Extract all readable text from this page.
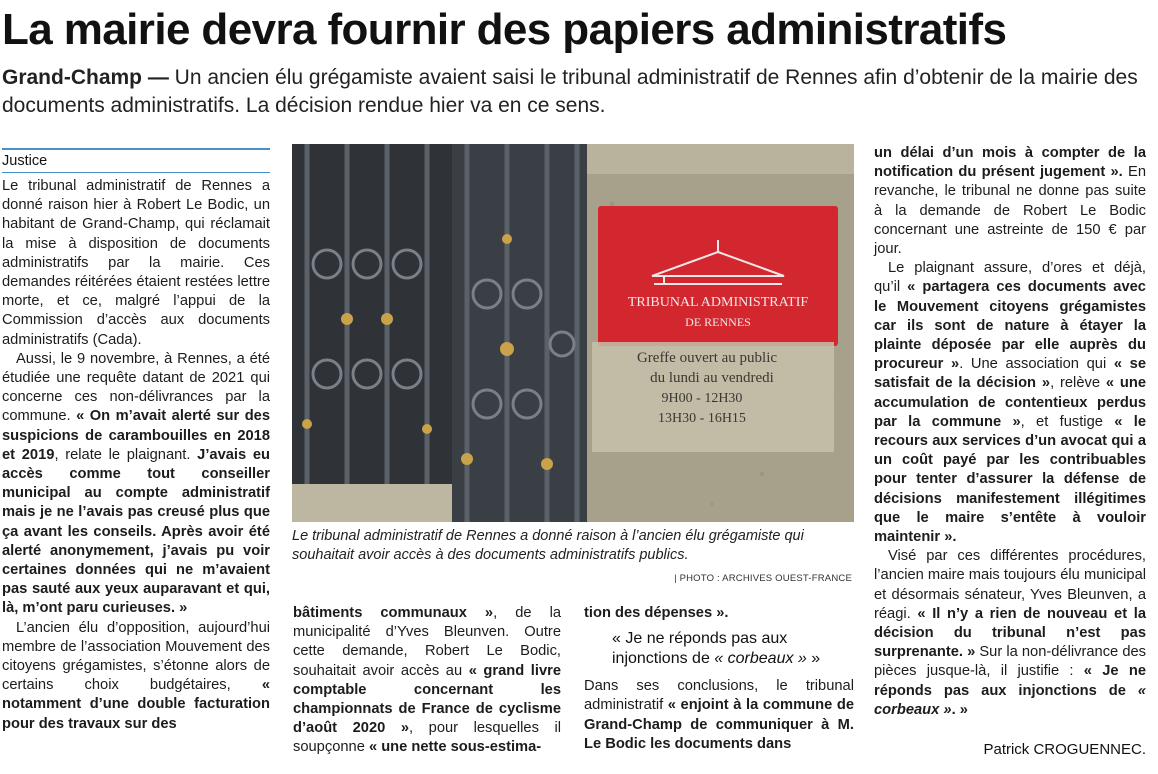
La mairie devra fournir des papiers administratifs

Grand-Champ — Un ancien élu grégamiste avaient saisi le tribunal administratif de Rennes afin d’obtenir de la mairie des documents administratifs. La décision rendue hier va en ce sens.

Justice

Le tribunal administratif de Rennes a donné raison hier à Robert Le Bodic, un habitant de Grand-Champ, qui réclamait la mise à disposition de documents administratifs par la mairie. Ces demandes réitérées étaient restées lettre morte, et ce, malgré l’appui de la Commission d’accès aux documents administratifs (Cada).

Aussi, le 9 novembre, à Rennes, a été étudiée une requête datant de 2021 qui concerne ces non-délivrances par la commune. « On m’avait alerté sur des suspicions de carambouilles en 2018 et 2019, relate le plaignant. J’avais eu accès comme tout conseiller municipal au compte administratif mais je ne l’avais pas creusé plus que ça avant les conseils. Après avoir été alerté anonymement, j’avais pu voir certaines données qui ne m’avaient pas sauté aux yeux auparavant et qui, là, m’ont paru curieuses. »

L’ancien élu d’opposition, aujourd’hui membre de l’association Mouvement des citoyens grégamistes, s’étonne alors de certains choix budgétaires, « notamment d’une double facturation pour des travaux sur des

TRIBUNAL ADMINISTRATIF
DE RENNES
Greffe ouvert au public
du lundi au vendredi
9H00 - 12H30
13H30 - 16H15

Le tribunal administratif de Rennes a donné raison à l’ancien élu grégamiste qui souhaitait avoir accès à des documents administratifs publics.

| PHOTO : ARCHIVES OUEST-FRANCE

bâtiments communaux », de la municipalité d’Yves Bleunven. Outre cette demande, Robert Le Bodic, souhaitait avoir accès au « grand livre comptable concernant les championnats de France de cyclisme d’août 2020 », pour lesquelles il soupçonne « une nette sous-estima-

tion des dépenses ».

« Je ne réponds pas aux injonctions de « corbeaux » »

Dans ses conclusions, le tribunal administratif « enjoint à la commune de Grand-Champ de communiquer à M. Le Bodic les documents dans

un délai d’un mois à compter de la notification du présent jugement ». En revanche, le tribunal ne donne pas suite à la demande de Robert Le Bodic concernant une astreinte de 150 € par jour.

Le plaignant assure, d’ores et déjà, qu’il « partagera ces documents avec le Mouvement citoyens grégamistes car ils sont de nature à étayer la plainte déposée par elle auprès du procureur ». Une association qui « se satisfait de la décision », relève « une accumulation de contentieux perdus par la commune », et fustige « le recours aux services d’un avocat qui a un coût payé par les contribuables pour tenter d’assurer la défense de décisions manifestement illégitimes que le maire s’entête à vouloir maintenir ».

Visé par ces différentes procédures, l’ancien maire mais toujours élu municipal et désormais sénateur, Yves Bleunven, a réagi. « Il n’y a rien de nouveau et la décision du tribunal n’est pas surprenante. » Sur la non-délivrance des pièces jusque-là, il justifie : « Je ne réponds pas aux injonctions de « corbeaux ». »

Patrick CROGUENNEC.
